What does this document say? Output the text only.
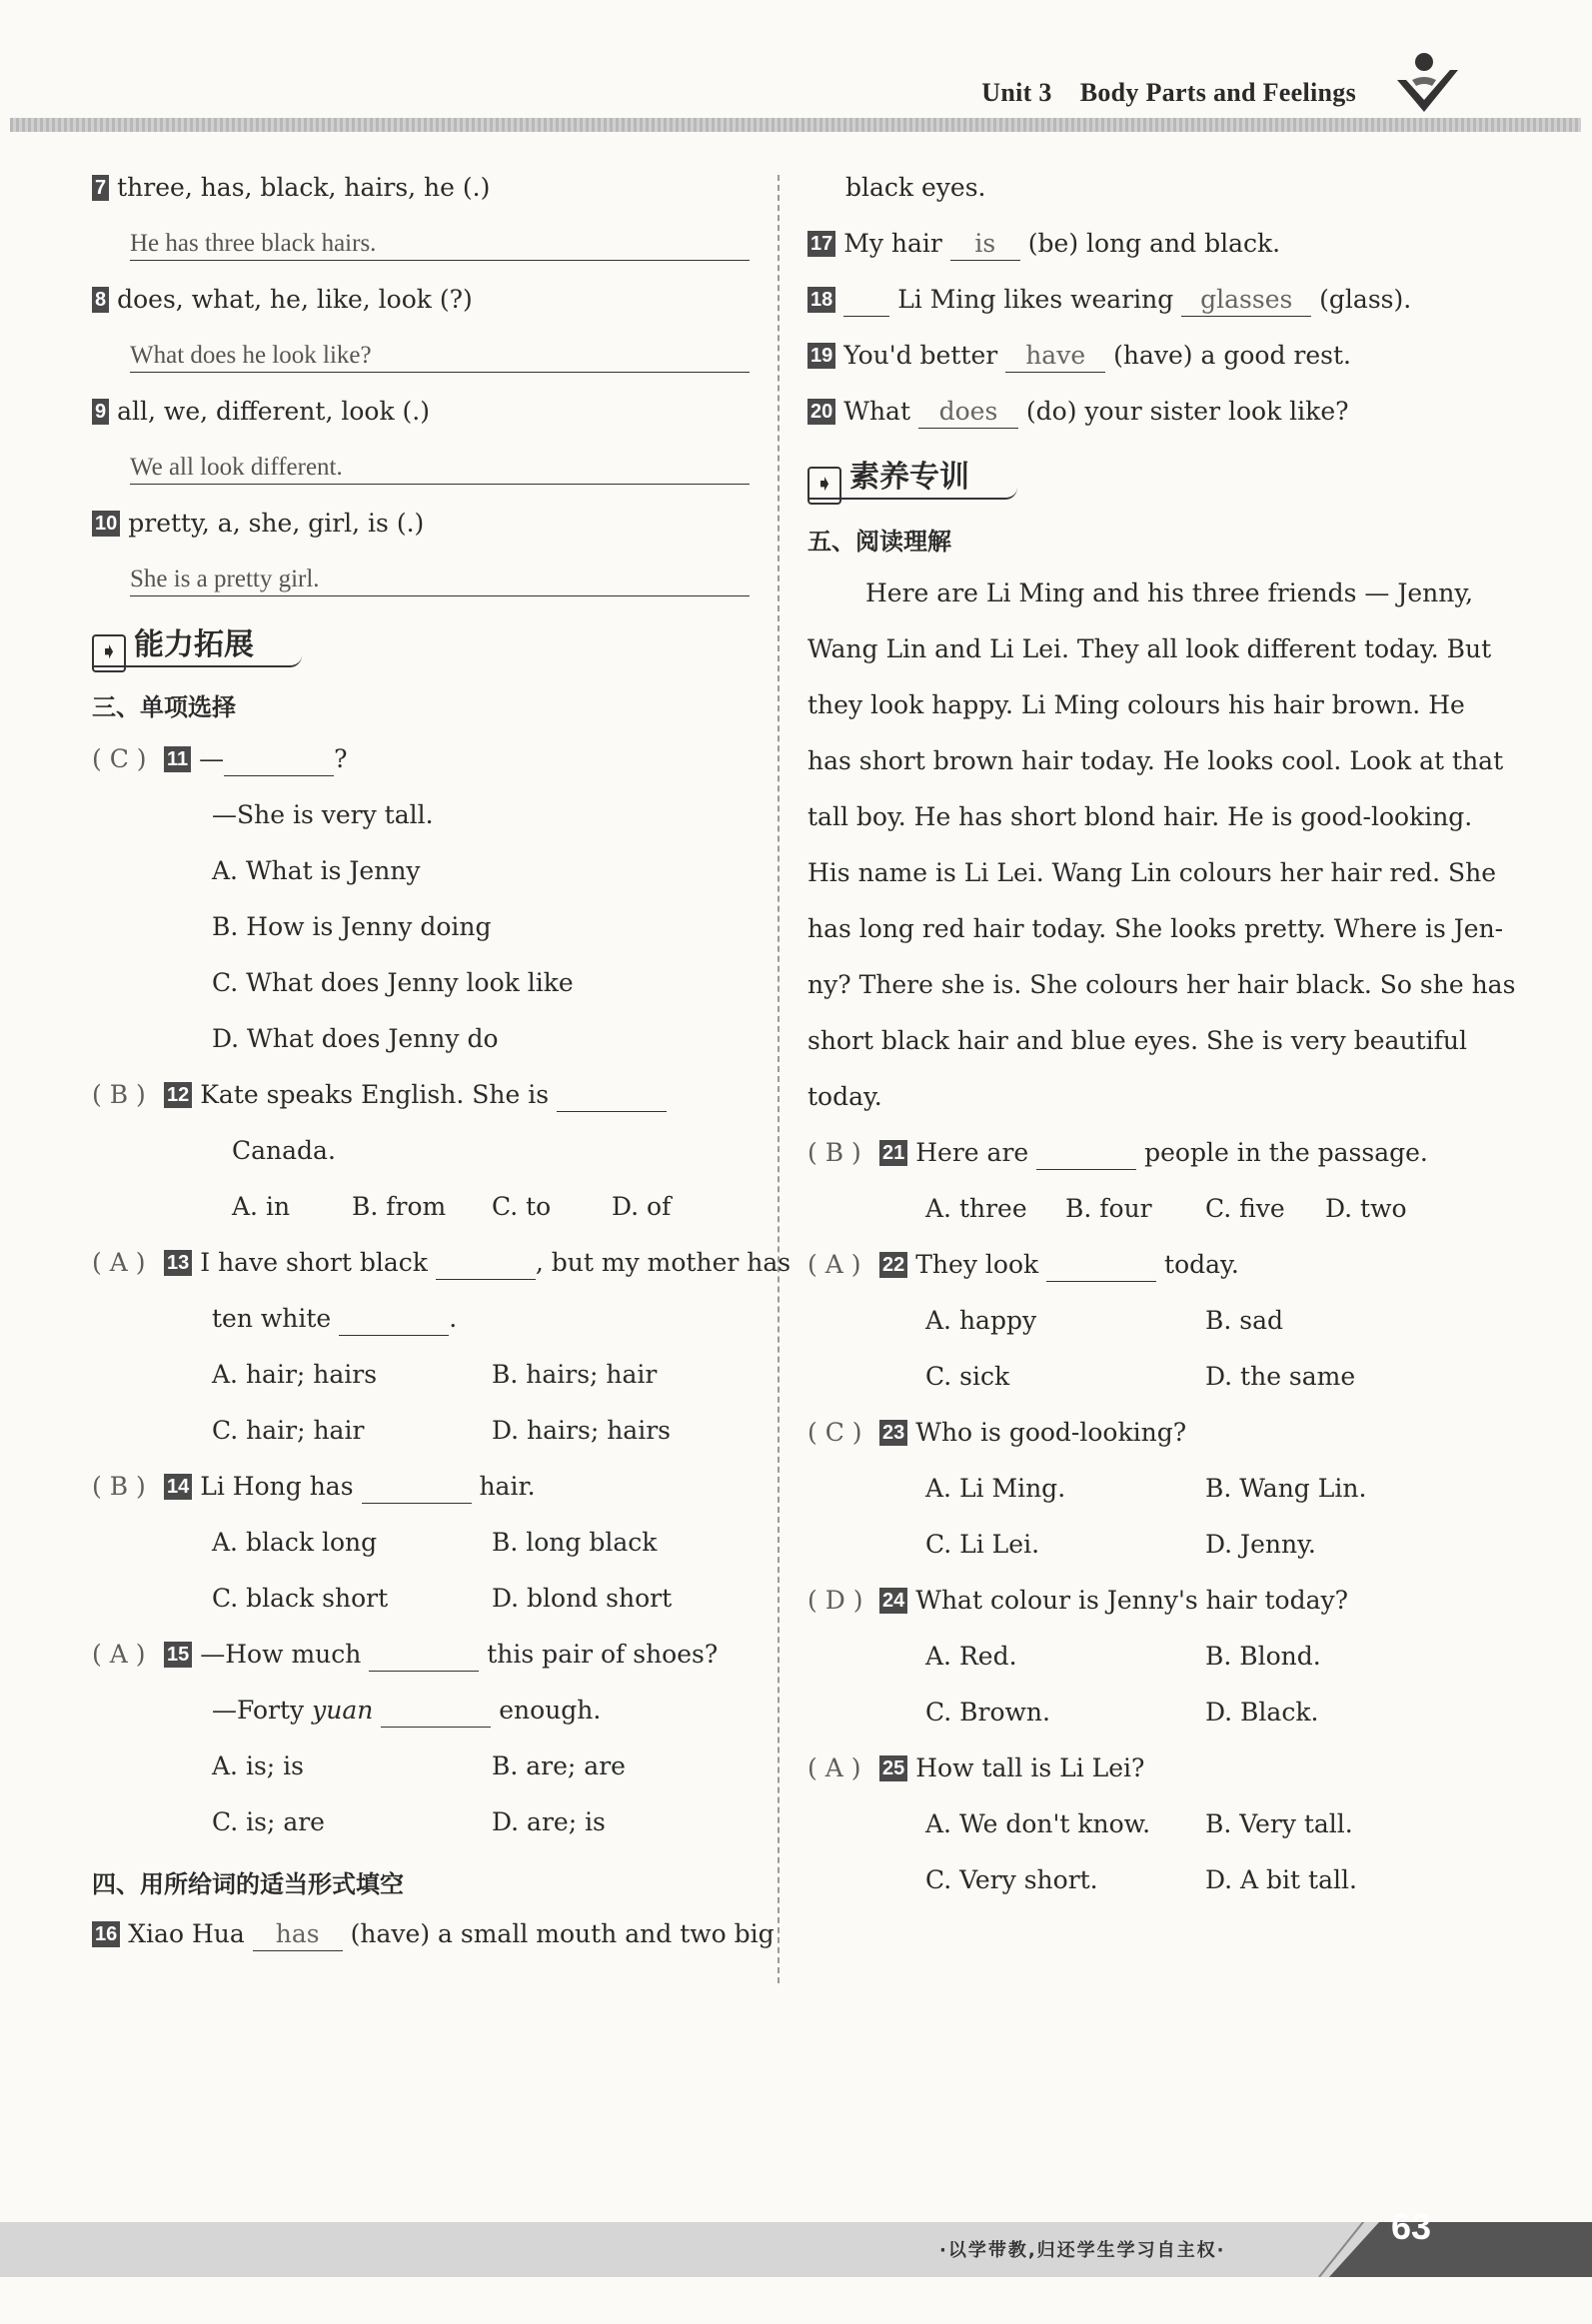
Unit 3 Body Parts and Feelings
7 three, has, black, hairs, he (.)
He has three black hairs.
8 does, what, he, like, look (?)
What does he look like?
9 all, we, different, look (.)
We all look different.
10 pretty, a, she, girl, is (.)
She is a pretty girl.
➧ 能力拓展
三、单项选择
( C ) 11 —	?
—She is very tall.
A. What is Jenny
B. How is Jenny doing
C. What does Jenny look like
D. What does Jenny do
( B ) 12 Kate speaks English. She is
Canada.
A. in B. from C. to D. of
( A ) 13 I have short black	, but my mother has
ten white	.
A. hair; hairs	B. hairs; hair
C. hair; hair	D. hairs; hairs
( B ) 14 Li Hong has	hair.
A. black long	B. long black
C. black short	D. blond short
( A ) 15 —How much	this pair of shoes?
—Forty yuan	enough.
A. is; is	B. are; are
C. is; are	D. are; is
四、用所给词的适当形式填空
16 Xiao Hua has (have) a small mouth and two big
black eyes.
17 My hair is (be) long and black.
18	Li Ming likes wearing glasses (glass).
19 You'd better have (have) a good rest.
20 What does (do) your sister look like?
➧ 素养专训
五、阅读理解
Here are Li Ming and his three friends — Jenny,
Wang Lin and Li Lei. They all look different today. But
they look happy. Li Ming colours his hair brown. He
has short brown hair today. He looks cool. Look at that
tall boy. He has short blond hair. He is good-looking.
His name is Li Lei. Wang Lin colours her hair red. She
has long red hair today. She looks pretty. Where is Jen-
ny? There she is. She colours her hair black. So she has
short black hair and blue eyes. She is very beautiful
today.
( B ) 21 Here are	people in the passage.
A. three B. four C. five D. two
( A ) 22 They look	today.
A. happy	B. sad
C. sick	D. the same
( C ) 23 Who is good-looking?
A. Li Ming.	B. Wang Lin.
C. Li Lei.	D. Jenny.
( D ) 24 What colour is Jenny's hair today?
A. Red.	B. Blond.
C. Brown.	D. Black.
( A ) 25 How tall is Li Lei?
A. We don't know. B. Very tall.
C. Very short.	D. A bit tall.
·以学带教,归还学生学习自主权·
63
